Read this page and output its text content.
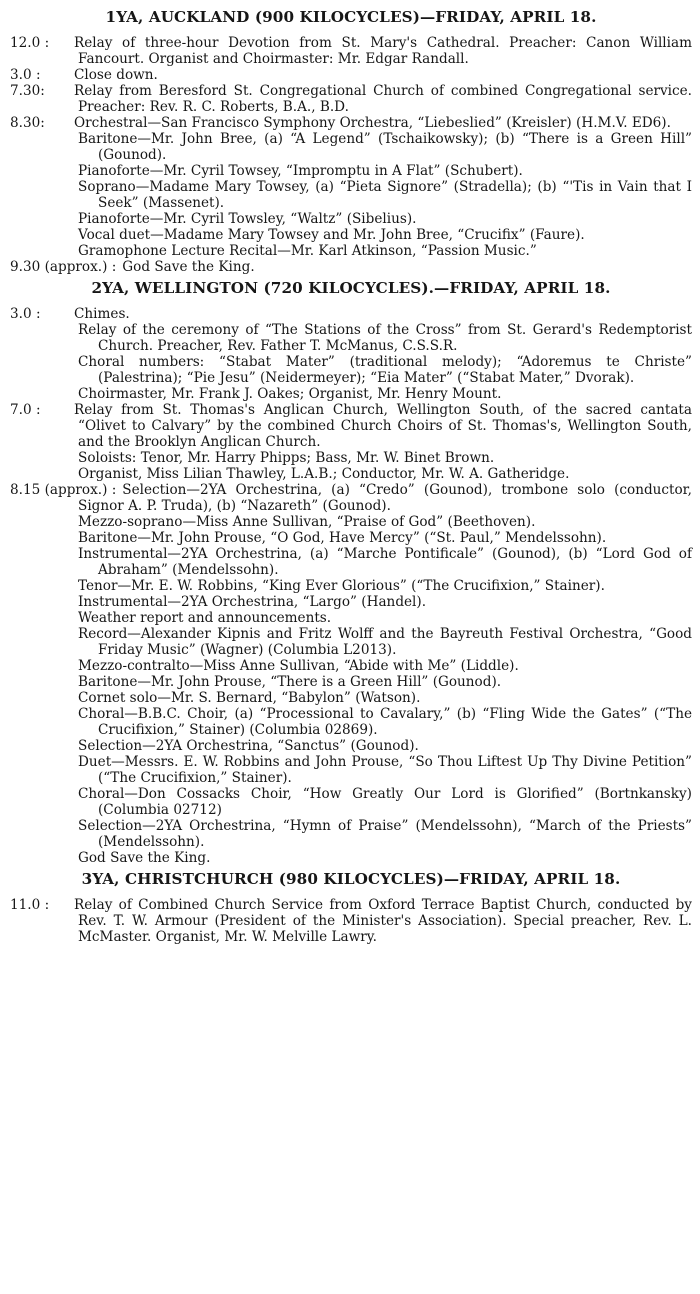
1YA, AUCKLAND (900 KILOCYCLES)—FRIDAY, APRIL 18.
12.0 : Relay of three-hour Devotion from St. Mary's Cathedral. Preacher: Canon William Fancourt. Organist and Choirmaster: Mr. Edgar Randall.
3.0 : Close down.
7.30: Relay from Beresford St. Congregational Church of combined Congregational service. Preacher: Rev. R. C. Roberts, B.A., B.D.
8.30: Orchestral—San Francisco Symphony Orchestra, “Liebeslied” (Kreisler) (H.M.V. ED6).
Baritone—Mr. John Bree, (a) “A Legend” (Tschaikowsky); (b) “There is a Green Hill” (Gounod).
Pianoforte—Mr. Cyril Towsey, “Impromptu in A Flat” (Schubert).
Soprano—Madame Mary Towsey, (a) “Pieta Signore” (Stradella); (b) “'Tis in Vain that I Seek” (Massenet).
Pianoforte—Mr. Cyril Towsley, “Waltz” (Sibelius).
Vocal duet—Madame Mary Towsey and Mr. John Bree, “Crucifix” (Faure).
Gramophone Lecture Recital—Mr. Karl Atkinson, “Passion Music.”
9.30 (approx.) : God Save the King.
2YA, WELLINGTON (720 KILOCYCLES).—FRIDAY, APRIL 18.
3.0 : Chimes.
Relay of the ceremony of “The Stations of the Cross” from St. Gerard's Redemptorist Church. Preacher, Rev. Father T. McManus, C.S.S.R.
Choral numbers: “Stabat Mater” (traditional melody); “Adoremus te Christe” (Palestrina); “Pie Jesu” (Neidermeyer); “Eia Mater” (“Stabat Mater,” Dvorak).
Choirmaster, Mr. Frank J. Oakes; Organist, Mr. Henry Mount.
7.0 : Relay from St. Thomas's Anglican Church, Wellington South, of the sacred cantata “Olivet to Calvary” by the combined Church Choirs of St. Thomas's, Wellington South, and the Brooklyn Anglican Church.
Soloists: Tenor, Mr. Harry Phipps; Bass, Mr. W. Binet Brown.
Organist, Miss Lilian Thawley, L.A.B.; Conductor, Mr. W. A. Gatheridge.
8.15 (approx.) : Selection—2YA Orchestrina, (a) “Credo” (Gounod), trombone solo (conductor, Signor A. P. Truda), (b) “Nazareth” (Gounod).
Mezzo-soprano—Miss Anne Sullivan, “Praise of God” (Beethoven).
Baritone—Mr. John Prouse, “O God, Have Mercy” (“St. Paul,” Mendelssohn).
Instrumental—2YA Orchestrina, (a) “Marche Pontificale” (Gounod), (b) “Lord God of Abraham” (Mendelssohn).
Tenor—Mr. E. W. Robbins, “King Ever Glorious” (“The Crucifixion,” Stainer).
Instrumental—2YA Orchestrina, “Largo” (Handel).
Weather report and announcements.
Record—Alexander Kipnis and Fritz Wolff and the Bayreuth Festival Orchestra, “Good Friday Music” (Wagner) (Columbia L2013).
Mezzo-contralto—Miss Anne Sullivan, “Abide with Me” (Liddle).
Baritone—Mr. John Prouse, “There is a Green Hill” (Gounod).
Cornet solo—Mr. S. Bernard, “Babylon” (Watson).
Choral—B.B.C. Choir, (a) “Processional to Cavalary,” (b) “Fling Wide the Gates” (“The Crucifixion,” Stainer) (Columbia 02869).
Selection—2YA Orchestrina, “Sanctus” (Gounod).
Duet—Messrs. E. W. Robbins and John Prouse, “So Thou Liftest Up Thy Divine Petition” (“The Crucifixion,” Stainer).
Choral—Don Cossacks Choir, “How Greatly Our Lord is Glorified” (Bortnkansky) (Columbia 02712)
Selection—2YA Orchestrina, “Hymn of Praise” (Mendelssohn), “March of the Priests” (Mendelssohn).
God Save the King.
3YA, CHRISTCHURCH (980 KILOCYCLES)—FRIDAY, APRIL 18.
11.0 : Relay of Combined Church Service from Oxford Terrace Baptist Church, conducted by Rev. T. W. Armour (President of the Minister's Association). Special preacher, Rev. L. McMaster. Organist, Mr. W. Melville Lawry.
